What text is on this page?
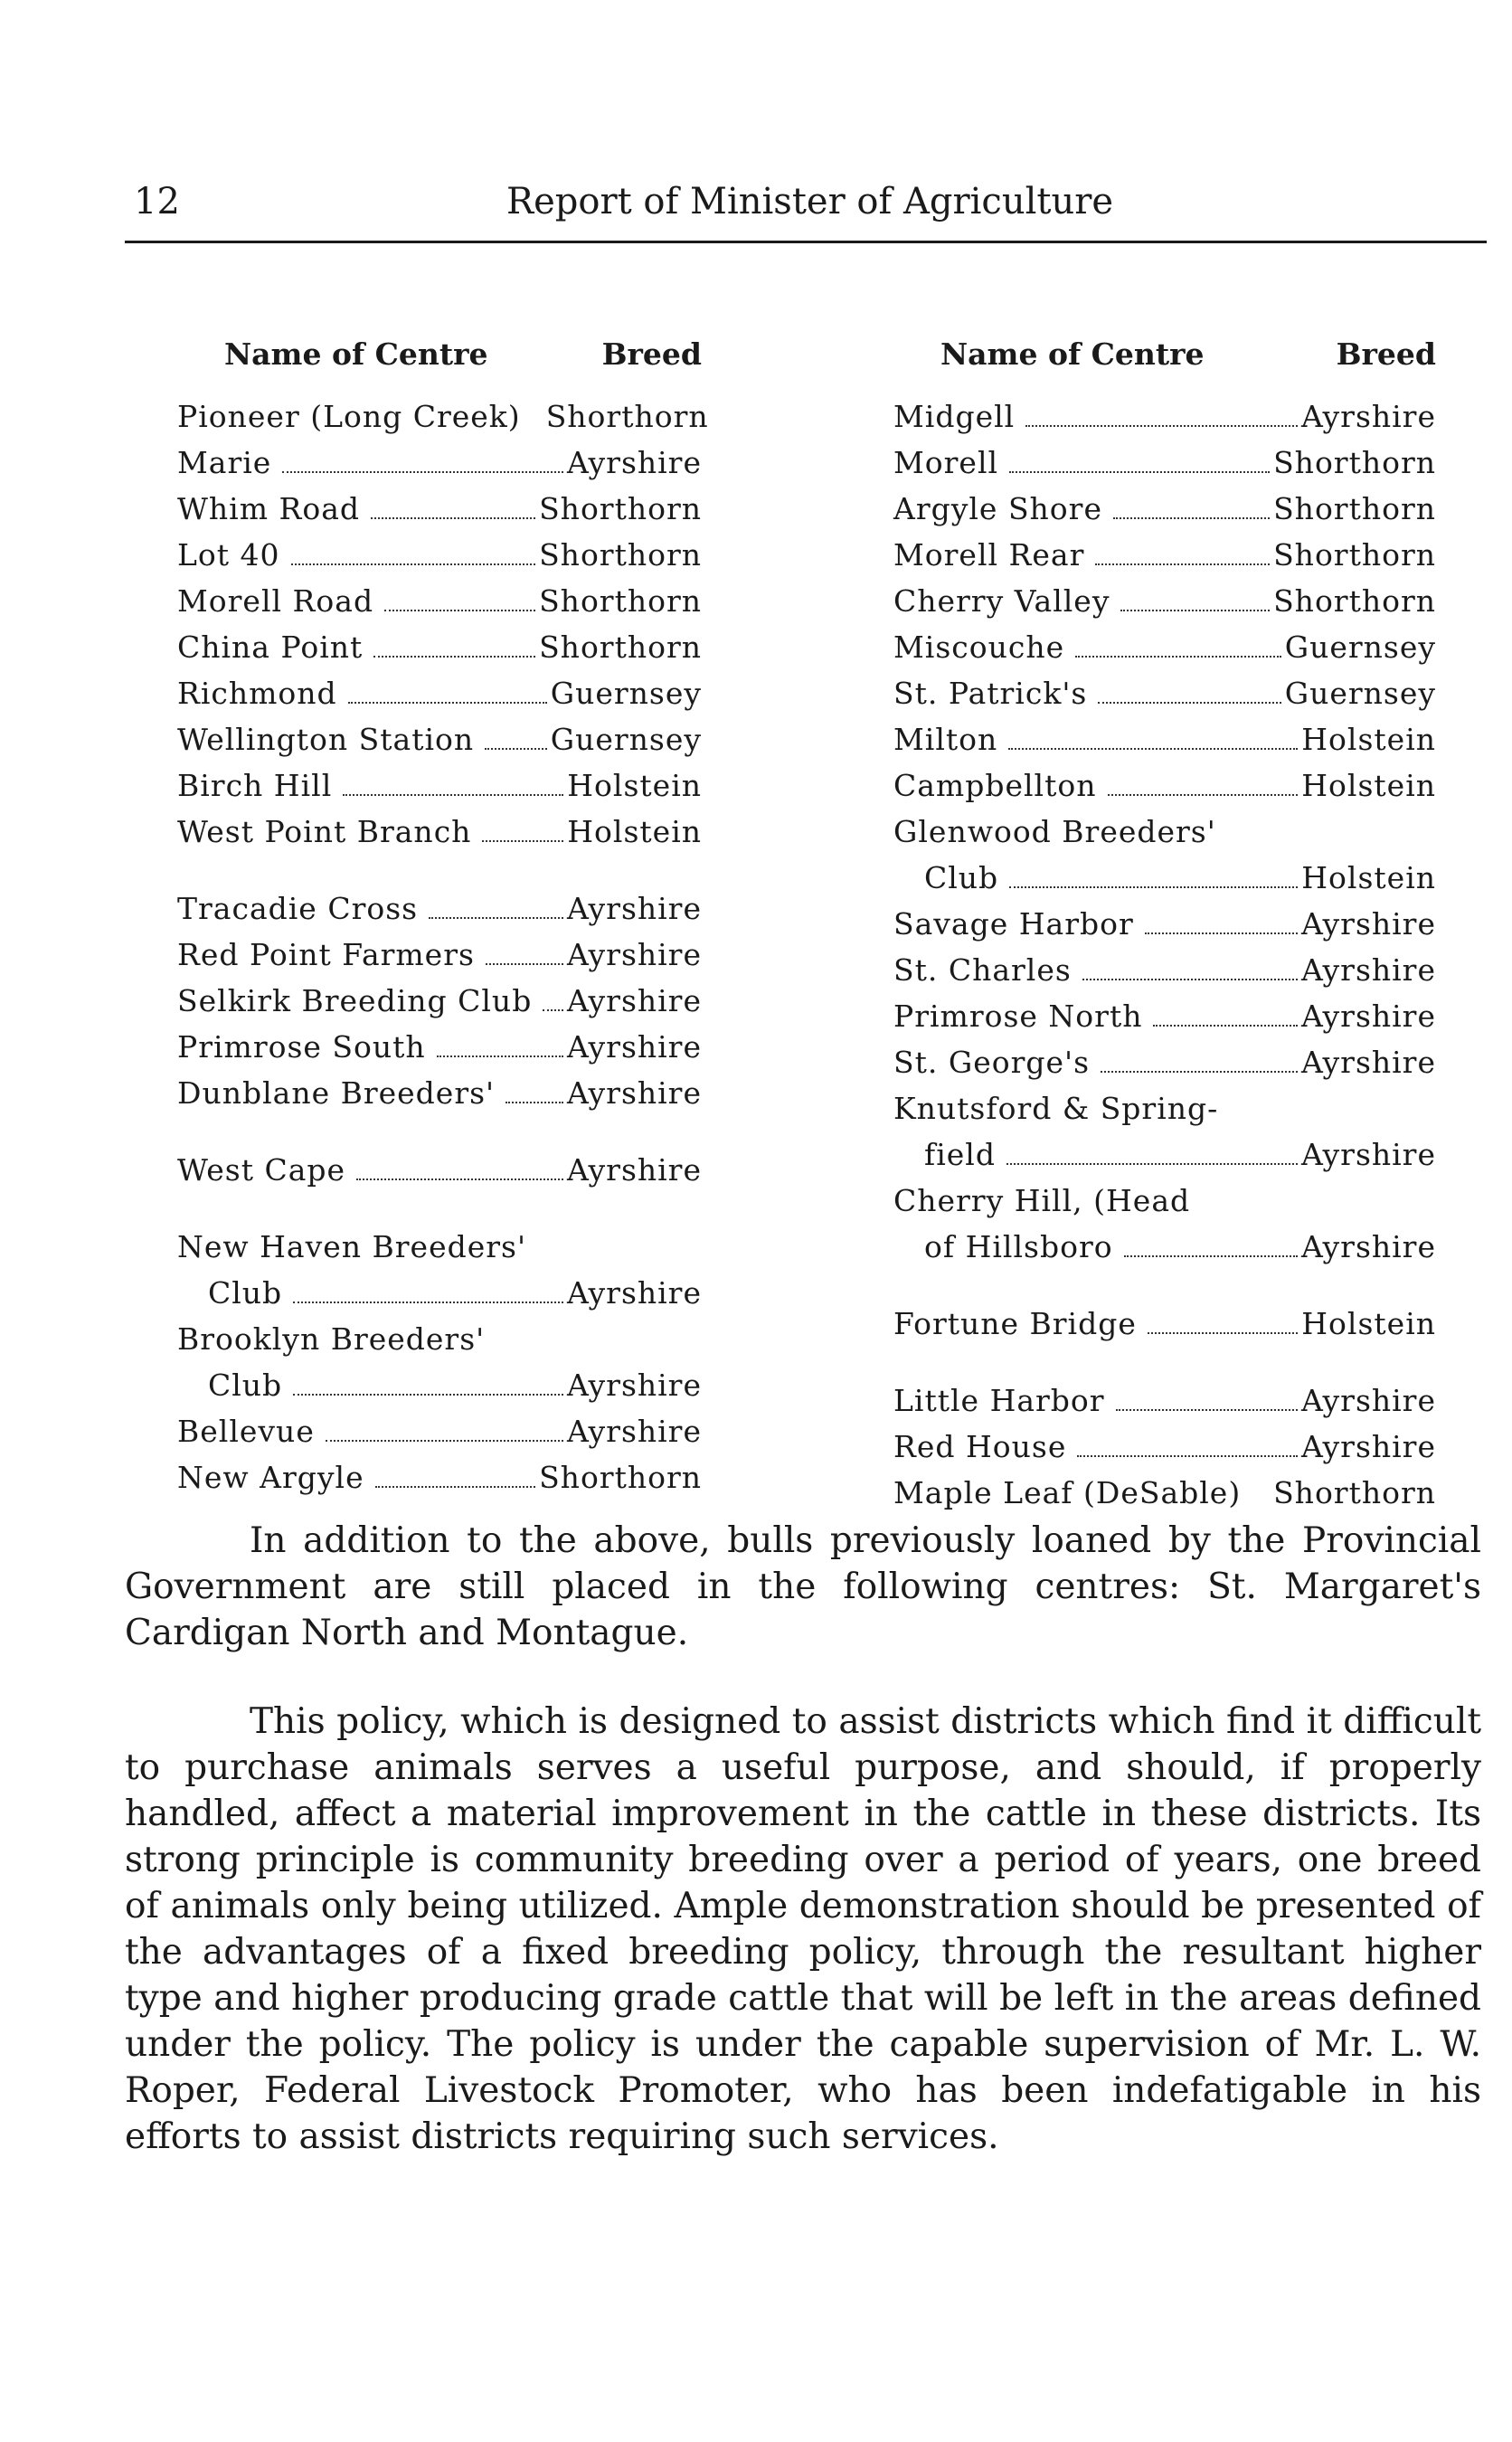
12	Report of Minister of Agriculture
Name of Centre	Breed
Pioneer (Long Creek) Shorthorn
Marie	Ayrshire
Whim Road	Shorthorn
Lot 40	Shorthorn
Morell Road	Shorthorn
China Point	Shorthorn
Richmond	Guernsey
Wellington Station	Guernsey
Birch Hill	Holstein
West Point Branch	Holstein
Tracadie Cross	Ayrshire
Red Point Farmers	Ayrshire
Selkirk Breeding Club Ayrshire
Primrose South	Ayrshire
Dunblane Breeders' Ayrshire
West Cape	Ayrshire
New Haven Breeders'
Club	Ayrshire
Brooklyn Breeders'
Club	Ayrshire
Bellevue	Ayrshire
New Argyle	Shorthorn
Name of Centre	Breed
Midgell	Ayrshire
Morell	Shorthorn
Argyle Shore	Shorthorn
Morell Rear	Shorthorn
Cherry Valley	Shorthorn
Miscouche	Guernsey
St. Patrick's	Guernsey
Milton	Holstein
Campbellton	Holstein
Glenwood Breeders'
Club	Holstein
Savage Harbor	Ayrshire
St. Charles	Ayrshire
Primrose North	Ayrshire
St. George's	Ayrshire
Knutsford & Spring-
field	Ayrshire
Cherry Hill, (Head
of Hillsboro	Ayrshire
Fortune Bridge	Holstein
Little Harbor	Ayrshire
Red House	Ayrshire
Maple Leaf (DeSable) Shorthorn
In addition to the above, bulls previously loaned by the Provincial Government are still placed in the following centres: St. Margaret's Cardigan North and Montague.
This policy, which is designed to assist districts which find it difficult to purchase animals serves a useful purpose, and should, if properly handled, affect a material improvement in the cattle in these districts. Its strong principle is community breeding over a period of years, one breed of animals only being utilized. Ample demonstration should be presented of the advantages of a fixed breeding policy, through the resultant higher type and higher producing grade cattle that will be left in the areas defined under the policy. The policy is under the capable supervision of Mr. L. W. Roper, Federal Livestock Promoter, who has been indefatigable in his efforts to assist districts requiring such services.
